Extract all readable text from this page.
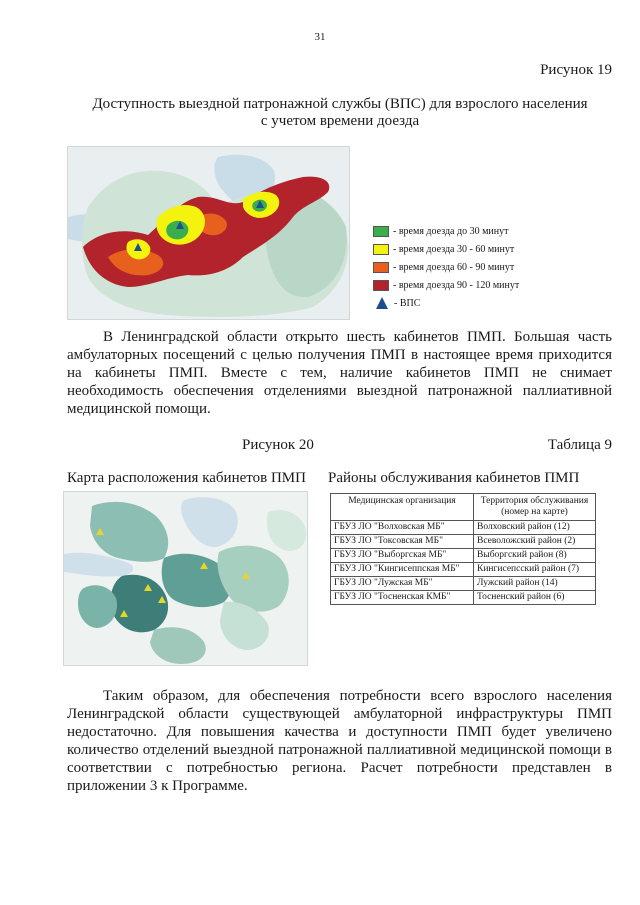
31
Рисунок 19
Доступность выездной патронажной службы (ВПС) для взрослого населения
с учетом времени доезда
- время доезда до 30 минут
- время доезда 30 - 60 минут
- время доезда 60 - 90 минут
- время доезда 90 - 120 минут
- ВПС
В Ленинградской области открыто шесть кабинетов ПМП. Большая часть амбулаторных посещений с целью получения ПМП в настоящее время приходится на кабинеты ПМП. Вместе с тем, наличие кабинетов ПМП не снимает необходимость обеспечения отделениями выездной патронажной паллиативной медицинской помощи.
Рисунок 20	Таблица 9
Карта расположения кабинетов ПМП Районы обслуживания кабинетов ПМП
Медицинская организация	Территория обслуживания (номер на карте)
ГБУЗ ЛО "Волховская МБ"	Волховский район (12)
ГБУЗ ЛО "Токсовская МБ"	Всеволожский район (2)
ГБУЗ ЛО "Выборгская МБ"	Выборгский район (8)
ГБУЗ ЛО "Кингисеппская МБ"	Кингисепсский район (7)
ГБУЗ ЛО "Лужская МБ"	Лужский район (14)
ГБУЗ ЛО "Тосненская КМБ"	Тосненский район (6)
Таким образом, для обеспечения потребности всего взрослого населения Ленинградской области существующей амбулаторной инфраструктуры ПМП недостаточно. Для повышения качества и доступности ПМП будет увеличено количество отделений выездной патронажной паллиативной медицинской помощи в соответствии с потребностью региона. Расчет потребности представлен в приложении 3 к Программе.
